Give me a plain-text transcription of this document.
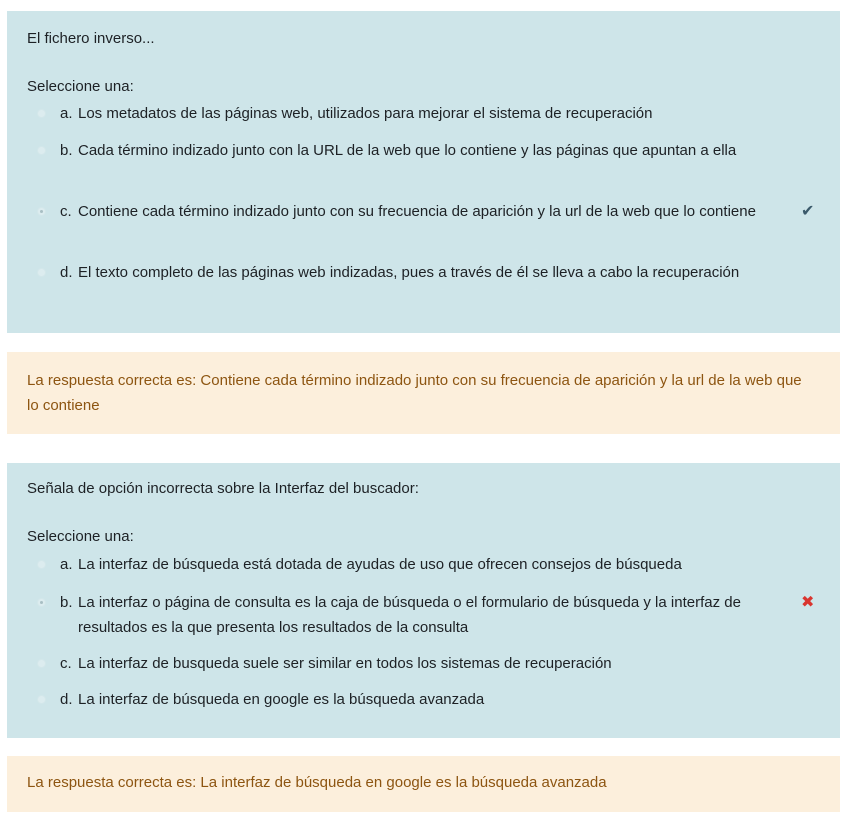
El fichero inverso...
Seleccione una:
a. Los metadatos de las páginas web, utilizados para mejorar el sistema de recuperación
b. Cada término indizado junto con la URL de la web que lo contiene y las páginas que apuntan a ella
c. Contiene cada término indizado junto con su frecuencia de aparición y la url de la web que lo contiene	✔
d. El texto completo de las páginas web indizadas, pues a través de él se lleva a cabo la recuperación
La respuesta correcta es: Contiene cada término indizado junto con su frecuencia de aparición y la url de la web que lo contiene
Señala de opción incorrecta sobre la Interfaz del buscador:
Seleccione una:
a. La interfaz de búsqueda está dotada de ayudas de uso que ofrecen consejos de búsqueda
b. La interfaz o página de consulta es la caja de búsqueda o el formulario de búsqueda y la interfaz de resultados es la que presenta los resultados de la consulta
✖
c. La interfaz de busqueda suele ser similar en todos los sistemas de recuperación
d. La interfaz de búsqueda en google es la búsqueda avanzada
La respuesta correcta es: La interfaz de búsqueda en google es la búsqueda avanzada
